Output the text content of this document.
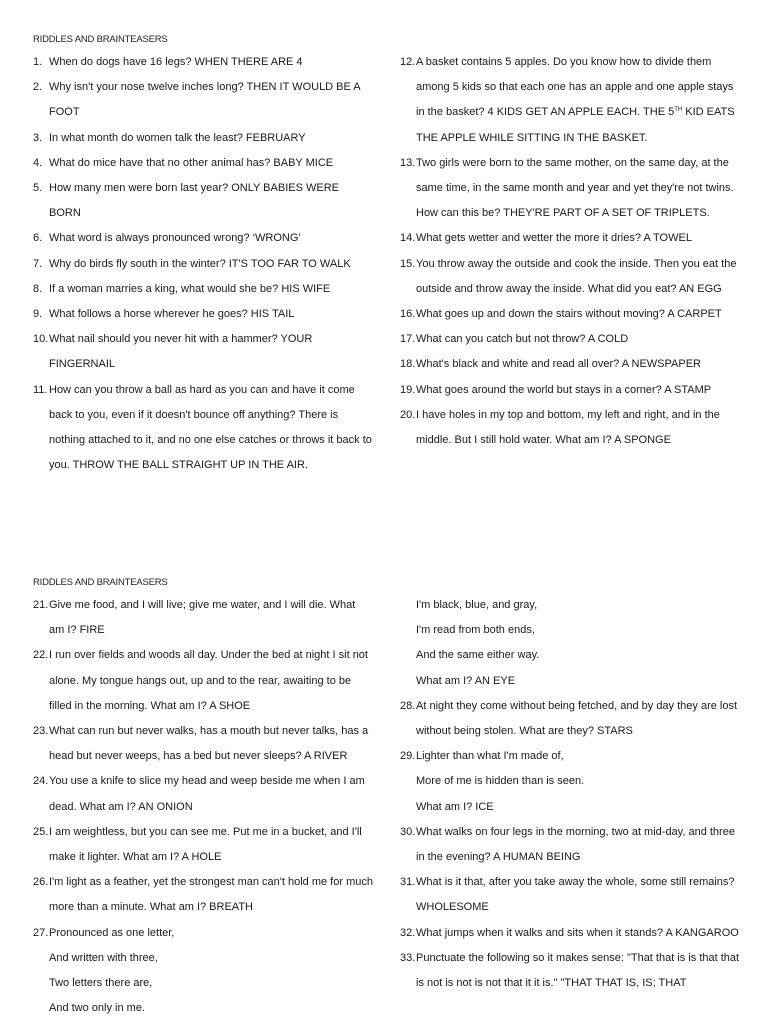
RIDDLES AND BRAINTEASERS
RIDDLES AND BRAINTEASERS
1. When do dogs have 16 legs? WHEN THERE ARE 4
2. Why isn't your nose twelve inches long? THEN IT WOULD BE A FOOT
3. In what month do women talk the least? FEBRUARY
4. What do mice have that no other animal has? BABY MICE
5. How many men were born last year? ONLY BABIES WERE BORN
6. What word is always pronounced wrong? ‘WRONG’
7. Why do birds fly south in the winter? IT'S TOO FAR TO WALK
8. If a woman marries a king, what would she be? HIS WIFE
9. What follows a horse wherever he goes? HIS TAIL
10. What nail should you never hit with a hammer? YOUR FINGERNAIL
11. How can you throw a ball as hard as you can and have it come back to you, even if it doesn't bounce off anything? There is nothing attached to it, and no one else catches or throws it back to you. THROW THE BALL STRAIGHT UP IN THE AIR.
12. A basket contains 5 apples. Do you know how to divide them among 5 kids so that each one has an apple and one apple stays in the basket? 4 KIDS GET AN APPLE EACH. THE 5TH KID EATS THE APPLE WHILE SITTING IN THE BASKET.
13. Two girls were born to the same mother, on the same day, at the same time, in the same month and year and yet they're not twins. How can this be? THEY'RE PART OF A SET OF TRIPLETS.
14. What gets wetter and wetter the more it dries? A TOWEL
15. You throw away the outside and cook the inside. Then you eat the outside and throw away the inside. What did you eat? AN EGG
16. What goes up and down the stairs without moving? A CARPET
17. What can you catch but not throw? A COLD
18. What's black and white and read all over? A NEWSPAPER
19. What goes around the world but stays in a corner? A STAMP
20. I have holes in my top and bottom, my left and right, and in the middle. But I still hold water. What am I? A SPONGE
21. Give me food, and I will live; give me water, and I will die. What am I? FIRE
22. I run over fields and woods all day. Under the bed at night I sit not alone. My tongue hangs out, up and to the rear, awaiting to be filled in the morning. What am I? A SHOE
23. What can run but never walks, has a mouth but never talks, has a head but never weeps, has a bed but never sleeps? A RIVER
24. You use a knife to slice my head and weep beside me when I am dead. What am I? AN ONION
25. I am weightless, but you can see me. Put me in a bucket, and I'll make it lighter. What am I? A HOLE
26. I'm light as a feather, yet the strongest man can't hold me for much more than a minute. What am I? BREATH
27. Pronounced as one letter,
And written with three,
Two letters there are,
And two only in me.
I'm black, blue, and gray,
I'm read from both ends,
And the same either way.
What am I? AN EYE
28. At night they come without being fetched, and by day they are lost without being stolen. What are they? STARS
29. Lighter than what I'm made of,
More of me is hidden than is seen.
What am I? ICE
30. What walks on four legs in the morning, two at mid-day, and three in the evening? A HUMAN BEING
31. What is it that, after you take away the whole, some still remains? WHOLESOME
32. What jumps when it walks and sits when it stands? A KANGAROO
33. Punctuate the following so it makes sense: "That that is is that that is not is not is not that it it is." "THAT THAT IS, IS; THAT
